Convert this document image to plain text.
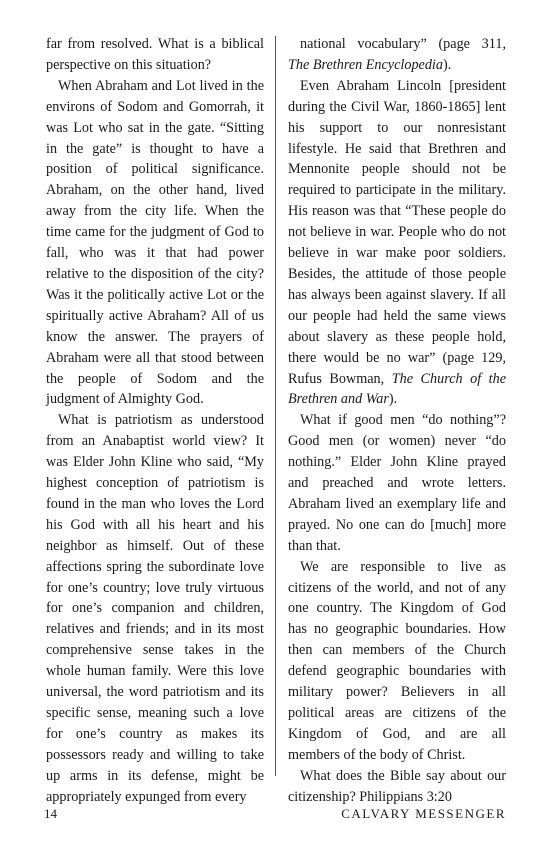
far from resolved. What is a biblical perspective on this situation?

When Abraham and Lot lived in the environs of Sodom and Gomorrah, it was Lot who sat in the gate. “Sitting in the gate” is thought to have a position of political significance. Abraham, on the other hand, lived away from the city life. When the time came for the judgment of God to fall, who was it that had power relative to the disposition of the city? Was it the politically active Lot or the spiritually active Abraham? All of us know the answer. The prayers of Abraham were all that stood between the people of Sodom and the judgment of Almighty God.

What is patriotism as understood from an Anabaptist world view? It was Elder John Kline who said, “My highest conception of patriotism is found in the man who loves the Lord his God with all his heart and his neighbor as himself. Out of these affections spring the subordinate love for one’s country; love truly virtuous for one’s companion and children, relatives and friends; and in its most comprehensive sense takes in the whole human family. Were this love universal, the word patriotism and its specific sense, meaning such a love for one’s country as makes its possessors ready and willing to take up arms in its defense, might be appropriately expunged from every

national vocabulary” (page 311, The Brethren Encyclopedia).

Even Abraham Lincoln [president during the Civil War, 1860-1865] lent his support to our nonresistant lifestyle. He said that Brethren and Mennonite people should not be required to participate in the military. His reason was that “These people do not believe in war. People who do not believe in war make poor soldiers. Besides, the attitude of those people has always been against slavery. If all our people had held the same views about slavery as these people hold, there would be no war” (page 129, Rufus Bowman, The Church of the Brethren and War).

What if good men “do nothing”? Good men (or women) never “do nothing.” Elder John Kline prayed and preached and wrote letters. Abraham lived an exemplary life and prayed. No one can do [much] more than that.

We are responsible to live as citizens of the world, and not of any one country. The Kingdom of God has no geographic boundaries. How then can members of the Church defend geographic boundaries with military power? Believers in all political areas are citizens of the Kingdom of God, and are all members of the body of Christ.

What does the Bible say about our citizenship? Philippians 3:20

14	CALVARY MESSENGER
